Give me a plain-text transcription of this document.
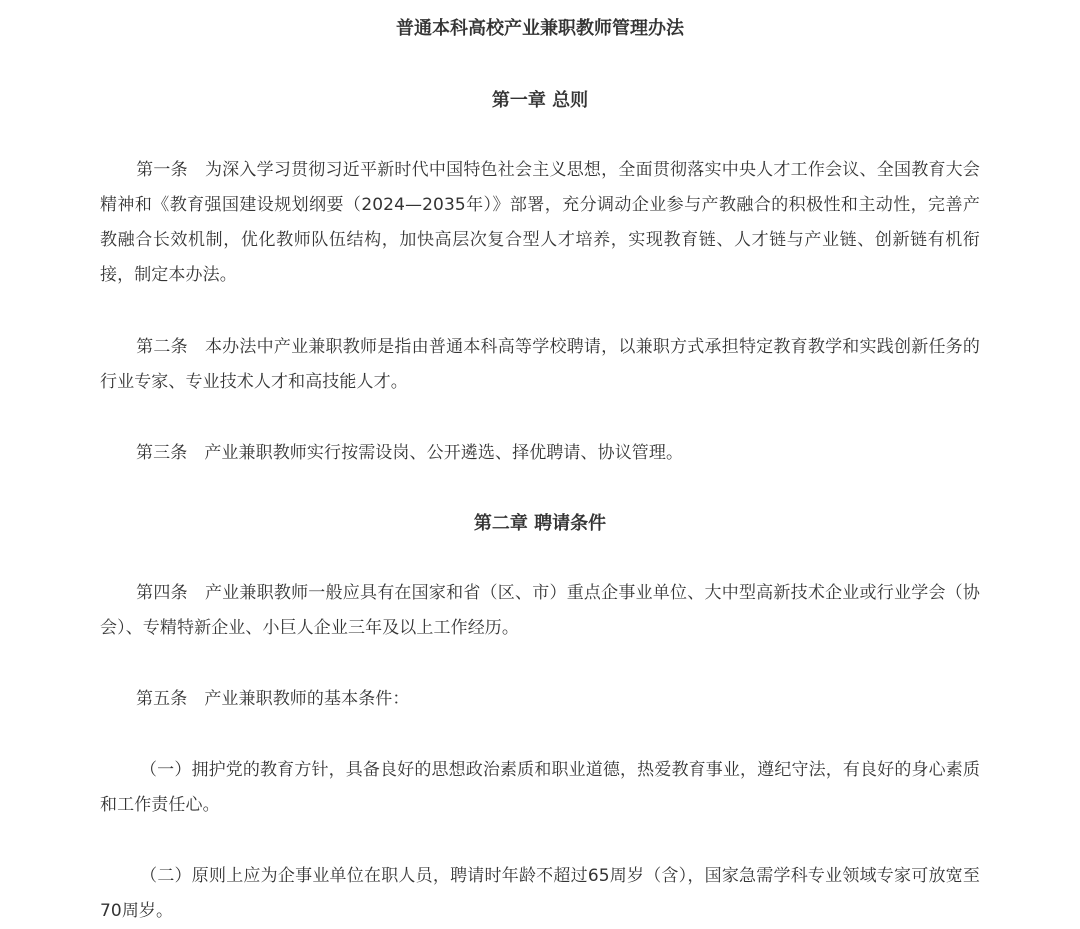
普通本科高校产业兼职教师管理办法
第一章 总则

第一条 为深入学习贯彻习近平新时代中国特色社会主义思想，全面贯彻落实中央人才工作会议、全国教育大会精神和《教育强国建设规划纲要（2024—2035年）》部署，充分调动企业参与产教融合的积极性和主动性，完善产教融合长效机制，优化教师队伍结构，加快高层次复合型人才培养，实现教育链、人才链与产业链、创新链有机衔接，制定本办法。

第二条 本办法中产业兼职教师是指由普通本科高等学校聘请，以兼职方式承担特定教育教学和实践创新任务的行业专家、专业技术人才和高技能人才。

第三条 产业兼职教师实行按需设岗、公开遴选、择优聘请、协议管理。

第二章 聘请条件

第四条 产业兼职教师一般应具有在国家和省（区、市）重点企事业单位、大中型高新技术企业或行业学会（协会）、专精特新企业、小巨人企业三年及以上工作经历。

第五条 产业兼职教师的基本条件：

（一）拥护党的教育方针，具备良好的思想政治素质和职业道德，热爱教育事业，遵纪守法，有良好的身心素质和工作责任心。

（二）原则上应为企事业单位在职人员，聘请时年龄不超过65周岁（含），国家急需学科专业领域专家可放宽至70周岁。
